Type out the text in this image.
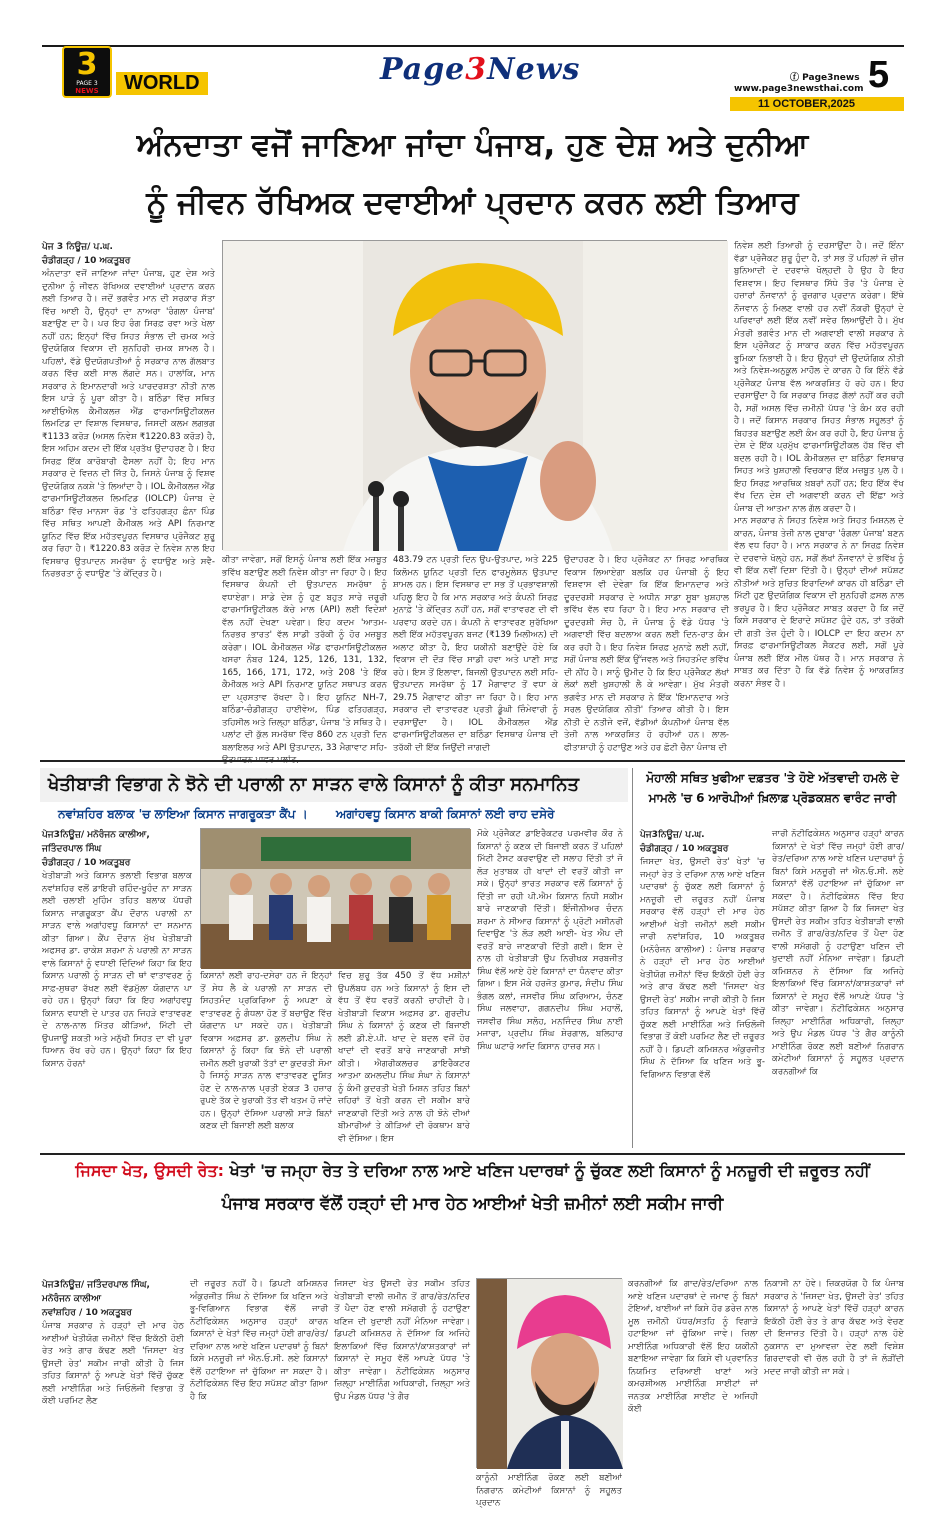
3
PAGE 3
NEWS	WORLD	Page3News	ⓕ Page3news
www.page3newsthai.com 5
11 OCTOBER,2025
ਅੰਨਦਾਤਾ ਵਜੋਂ ਜਾਣਿਆ ਜਾਂਦਾ ਪੰਜਾਬ, ਹੁਣ ਦੇਸ਼ ਅਤੇ ਦੁਨੀਆ
ਨੂੰ ਜੀਵਨ ਰੱਖਿਅਕ ਦਵਾਈਆਂ ਪ੍ਰਦਾਨ ਕਰਨ ਲਈ ਤਿਆਰ
ਪੇਜ 3 ਨਿਊਜ਼/ ਪ.ਘ.
ਚੰਡੀਗੜ੍ਹ / 10 ਅਕਤੂਬਰ
ਅੰਨਦਾਤਾ ਵਜੋਂ ਜਾਣਿਆ ਜਾਂਦਾ ਪੰਜਾਬ, ਹੁਣ ਦੇਸ਼ ਅਤੇ ਦੁਨੀਆ ਨੂੰ ਜੀਵਨ ਰੱਖਿਅਕ ਦਵਾਈਆਂ ਪ੍ਰਦਾਨ ਕਰਨ ਲਈ ਤਿਆਰ ਹੈ। ਜਦੋਂ ਭਗਵੰਤ ਮਾਨ ਦੀ ਸਰਕਾਰ ਸੱਤਾ ਵਿੱਚ ਆਈ ਹੈ, ਉਨ੍ਹਾਂ ਦਾ ਨਾਅਰਾ 'ਰੰਗਲਾ ਪੰਜਾਬ' ਬਣਾਉਣ ਦਾ ਹੈ। ਪਰ ਇਹ ਰੰਗ ਸਿਰਫ਼ ਰਵਾ ਅਤੇ ਖੇਲਾ ਨਹੀਂ ਹਨ; ਇਨ੍ਹਾਂ ਵਿੱਚ ਸਿਹਤ ਸੰਭਾਲ ਦੀ ਚਮਕ ਅਤੇ ਉਦਯੋਗਿਕ ਵਿਕਾਸ ਦੀ ਸੁਨਹਿਰੀ ਚਮਕ ਸ਼ਾਮਲ ਹੈ। ਪਹਿਲਾਂ, ਵੱਡੇ ਉਦਯੋਗਪਤੀਆਂ ਨੂੰ ਸਰਕਾਰ ਨਾਲ ਗੱਲਬਾਤ ਕਰਨ ਵਿੱਚ ਕਈ ਸਾਲ ਲੱਗਦੇ ਸਨ। ਹਾਲਾਂਕਿ, ਮਾਨ ਸਰਕਾਰ ਨੇ ਇਮਾਨਦਾਰੀ ਅਤੇ ਪਾਰਦਰਸ਼ਤਾ ਨੀਤੀ ਨਾਲ ਇਸ ਪਾੜੇ ਨੂੰ ਪੂਰਾ ਕੀਤਾ ਹੈ। ਬਠਿੰਡਾ ਵਿੱਚ ਸਥਿਤ ਆਈਓਐਲ ਕੈਮੀਕਲਜ਼ ਐਂਡ ਫਾਰਮਾਸਿਊਟੀਕਲਜ਼ ਲਿਮਟਿਡ ਦਾ ਵਿਸ਼ਾਲ ਵਿਸਥਾਰ, ਜਿਸਦੀ ਕਲਮ ਲਗਭਗ ₹1133 ਕਰੋੜ (ਅਸਲ ਨਿਵੇਸ਼ ₹1220.83 ਕਰੋੜ) ਹੈ, ਇਸ ਅਹਿਮ ਕਦਮ ਦੀ ਇੱਕ ਪ੍ਰਤੱਖ ਉਦਾਹਰਣ ਹੈ। ਇਹ ਸਿਰਫ਼ ਇੱਕ ਕਾਰੋਬਾਰੀ ਫੈਸਲਾ ਨਹੀਂ ਹੈ; ਇਹ ਮਾਨ ਸਰਕਾਰ ਦੇ ਵਿਜ਼ਨ ਦੀ ਜਿੱਤ ਹੈ, ਜਿਸਨੇ ਪੰਜਾਬ ਨੂੰ ਵਿਸ਼ਵ ਉਦਯੋਗਿਕ ਨਕਸ਼ੇ 'ਤੇ ਲਿਆਂਦਾ ਹੈ। IOL ਕੈਮੀਕਲਜ਼ ਐਂਡ ਫਾਰਮਾਸਿਊਟੀਕਲਜ਼ ਲਿਮਟਿਡ (IOLCP) ਪੰਜਾਬ ਦੇ ਬਠਿੰਡਾ ਵਿੱਚ ਮਾਨਸਾ ਰੋਡ 'ਤੇ ਫਤਿਹਗੜ੍ਹ ਛੰਨਾ ਪਿੰਡ ਵਿੱਚ ਸਥਿਤ ਆਪਣੀ ਕੈਮੀਕਲ ਅਤੇ API ਨਿਰਮਾਣ ਯੂਨਿਟ ਵਿੱਚ ਇੱਕ ਮਹੱਤਵਪੂਰਨ ਵਿਸਥਾਰ ਪ੍ਰੋਜੈਕਟ ਸ਼ੁਰੂ ਕਰ ਰਿਹਾ ਹੈ। ₹1220.83 ਕਰੋੜ ਦੇ ਨਿਵੇਸ਼ ਨਾਲ ਇਹ ਵਿਸਥਾਰ ਉਤਪਾਦਨ ਸਮਰੱਥਾ ਨੂੰ ਵਧਾਉਣ ਅਤੇ ਸਵੈ-ਨਿਰਭਰਤਾ ਨੂੰ ਵਧਾਉਣ 'ਤੇ ਕੇਂਦ੍ਰਿਤ ਹੈ।
ਕੀਤਾ ਜਾਵੇਗਾ, ਸਗੋਂ ਇਸਨੂੰ ਪੰਜਾਬ ਲਈ ਇੱਕ ਮਜ਼ਬੂਤ ਭਵਿੱਖ ਬਣਾਉਣ ਲਈ ਨਿਵੇਸ਼ ਕੀਤਾ ਜਾ ਰਿਹਾ ਹੈ। ਇਹ ਵਿਸਥਾਰ ਕੰਪਨੀ ਦੀ ਉਤਪਾਦਨ ਸਮਰੱਥਾ ਨੂੰ ਵਧਾਏਗਾ। ਸਾਡੇ ਦੇਸ਼ ਨੂੰ ਹੁਣ ਬਹੁਤ ਸਾਰੇ ਜ਼ਰੂਰੀ ਫਾਰਮਾਸਿਊਟੀਕਲ ਕੱਚੇ ਮਾਲ (API) ਲਈ ਵਿਦੇਸ਼ਾਂ ਵੱਲ ਨਹੀਂ ਦੇਖਣਾ ਪਵੇਗਾ। ਇਹ ਕਦਮ 'ਆਤਮ-ਨਿਰਭਰ ਭਾਰਤ' ਵੱਲ ਸਾਡੀ ਤਰੱਕੀ ਨੂੰ ਹੋਰ ਮਜ਼ਬੂਤ ਕਰੇਗਾ। IOL ਕੈਮੀਕਲਜ਼ ਐਂਡ ਫਾਰਮਾਸਿਊਟੀਕਲਜ਼ ਖਸਰਾ ਨੰਬਰ 124, 125, 126, 131, 132, 165, 166, 171, 172, ਅਤੇ 208 'ਤੇ ਇੱਕ ਕੈਮੀਕਲ ਅਤੇ API ਨਿਰਮਾਣ ਯੂਨਿਟ ਸਥਾਪਤ ਕਰਨ ਦਾ ਪ੍ਰਸਤਾਵ ਰੱਖਦਾ ਹੈ। ਇਹ ਯੂਨਿਟ NH-7, ਬਠਿੰਡਾ-ਚੰਡੀਗੜ੍ਹ ਹਾਈਵੇਅ, ਪਿੰਡ ਫਤਿਹਗੜ੍ਹ, ਤਹਿਸੀਲ ਅਤੇ ਜ਼ਿਲ੍ਹਾ ਬਠਿੰਡਾ, ਪੰਜਾਬ 'ਤੇ ਸਥਿਤ ਹੈ। ਪਲਾਂਟ ਦੀ ਕੁੱਲ ਸਮਰੱਥਾ ਵਿੱਚ 860 ਟਨ ਪ੍ਰਤੀ ਦਿਨ ਬਲਾਇਲਰ ਅਤੇ API ਉਤਪਾਦਨ, 33 ਮੈਗਾਵਾਟ ਸਹਿ-
483.79 ਟਨ ਪ੍ਰਤੀ ਦਿਨ ਉਪ-ਉਤਪਾਦ, ਅਤੇ 225 ਕਿਲੋਮਨ ਯੂਨਿਟ ਪ੍ਰਤੀ ਦਿਨ ਫਾਰਮੂਲੇਸ਼ਨ ਉਤਪਾਦ ਸ਼ਾਮਲ ਹਨ। ਇਸ ਵਿਸਥਾਰ ਦਾ ਸਭ ਤੋਂ ਪ੍ਰਭਾਵਸ਼ਾਲੀ ਪਹਿਲੂ ਇਹ ਹੈ ਕਿ ਮਾਨ ਸਰਕਾਰ ਅਤੇ ਕੰਪਨੀ ਸਿਰਫ਼ ਮੁਨਾਫ਼ੇ 'ਤੇ ਕੇਂਦ੍ਰਿਤ ਨਹੀਂ ਹਨ, ਸਗੋਂ ਵਾਤਾਵਰਣ ਦੀ ਵੀ ਪਰਵਾਹ ਕਰਦੇ ਹਨ। ਕੰਪਨੀ ਨੇ ਵਾਤਾਵਰਣ ਸੁਰੱਖਿਆ ਲਈ ਇੱਕ ਮਹੱਤਵਪੂਰਨ ਬਜਟ (₹139 ਮਿਲੀਅਨ) ਦੀ ਅਲਾਟ ਕੀਤਾ ਹੈ, ਇਹ ਯਕੀਨੀ ਬਣਾਉਂਦੇ ਹੋਏ ਕਿ ਵਿਕਾਸ ਦੀ ਦੌੜ ਵਿੱਚ ਸਾਡੀ ਹਵਾ ਅਤੇ ਪਾਣੀ ਸਾਫ਼ ਰਹੇ। ਇਸ ਤੋਂ ਇਲਾਵਾ, ਬਿਜਲੀ ਉਤਪਾਦਨ ਲਈ ਸਹਿ-ਉਤਪਾਦਨ ਸਮਰੱਥਾ ਨੂੰ 17 ਮੈਗਾਵਾਟ ਤੋਂ ਵਧਾ ਕੇ 29.75 ਮੈਗਾਵਾਟ ਕੀਤਾ ਜਾ ਰਿਹਾ ਹੈ। ਇਹ ਮਾਨ ਸਰਕਾਰ ਦੀ ਵਾਤਾਵਰਣ ਪ੍ਰਤੀ ਡੂੰਘੀ ਜ਼ਿੰਮੇਵਾਰੀ ਨੂੰ ਦਰਸਾਉਂਦਾ ਹੈ। IOL ਕੈਮੀਕਲਜ਼ ਐਂਡ ਫਾਰਮਾਸਿਊਟੀਕਲਜ਼ ਦਾ ਬਠਿੰਡਾ ਵਿਸਥਾਰ ਪੰਜਾਬ ਦੀ ਤਰੱਕੀ ਦੀ ਇੱਕ ਜਿਉਂਦੀ ਜਾਗਦੀ
ਉਦਾਹਰਣ ਹੈ। ਇਹ ਪ੍ਰੋਜੈਕਟ ਨਾ ਸਿਰਫ਼ ਆਰਥਿਕ ਵਿਕਾਸ ਲਿਆਏਗਾ ਬਲਕਿ ਹਰ ਪੰਜਾਬੀ ਨੂੰ ਇਹ ਵਿਸ਼ਵਾਸ ਵੀ ਦੇਵੇਗਾ ਕਿ ਇੱਕ ਇਮਾਨਦਾਰ ਅਤੇ ਦੂਰਦਰਸ਼ੀ ਸਰਕਾਰ ਦੇ ਅਧੀਨ ਸਾਡਾ ਸੂਬਾ ਖੁਸ਼ਹਾਲ ਭਵਿੱਖ ਵੱਲ ਵਧ ਰਿਹਾ ਹੈ। ਇਹ ਮਾਨ ਸਰਕਾਰ ਦੀ ਦੂਰਦਰਸ਼ੀ ਸੋਚ ਹੈ, ਜੋ ਪੰਜਾਬ ਨੂੰ ਵੱਡੇ ਪੱਧਰ 'ਤੇ ਅਗਵਾਈ ਵਿੱਚ ਬਦਲਾਅ ਕਰਨ ਲਈ ਦਿਨ-ਰਾਤ ਕੰਮ ਕਰ ਰਹੀ ਹੈ। ਇਹ ਨਿਵੇਸ਼ ਸਿਰਫ਼ ਮੁਨਾਫ਼ੇ ਲਈ ਨਹੀਂ, ਸਗੋਂ ਪੰਜਾਬ ਲਈ ਇੱਕ ਉੱਜਵਲ ਅਤੇ ਸਿਹਤਮੰਦ ਭਵਿੱਖ ਦੀ ਨੀਂਹ ਹੈ। ਸਾਨੂੰ ਉਮੀਦ ਹੈ ਕਿ ਇਹ ਪ੍ਰੋਜੈਕਟ ਲੱਖਾਂ ਲੋਕਾਂ ਲਈ ਖੁਸ਼ਹਾਲੀ ਲੈ ਕੇ ਆਵੇਗਾ। ਮੁੱਖ ਮੰਤਰੀ ਭਗਵੰਤ ਮਾਨ ਦੀ ਸਰਕਾਰ ਨੇ ਇੱਕ 'ਇਮਾਨਦਾਰ ਅਤੇ ਸਰਲ ਉਦਯੋਗਿਕ ਨੀਤੀ' ਤਿਆਰ ਕੀਤੀ ਹੈ। ਇਸ ਨੀਤੀ ਦੇ ਨਤੀਜੇ ਵਜੋਂ, ਵੱਡੀਆਂ ਕੰਪਨੀਆਂ ਪੰਜਾਬ ਵੱਲ ਤੇਜ਼ੀ ਨਾਲ ਆਕਰਸ਼ਿਤ ਹੋ ਰਹੀਆਂ ਹਨ। ਲਾਲ-ਫੀਤਾਸ਼ਾਹੀ ਨੂੰ ਹਟਾਉਣ ਅਤੇ ਹਰ ਛੋਟੀ ਚੈਨਾ ਪੰਜਾਬ ਦੀ
ਨਿਵੇਸ਼ ਲਈ ਤਿਆਰੀ ਨੂੰ ਦਰਸਾਉਂਦਾ ਹੈ। ਜਦੋਂ ਇੰਨਾ ਵੱਡਾ ਪ੍ਰੋਜੈਕਟ ਸ਼ੁਰੂ ਹੁੰਦਾ ਹੈ, ਤਾਂ ਸਭ ਤੋਂ ਪਹਿਲਾਂ ਜੋ ਚੀਜ਼ ਬੁਨਿਆਦੀ ਦੇ ਦਰਵਾਜ਼ੇ ਖੋਲ੍ਹਦੀ ਹੈ ਉਹ ਹੈ ਇਹ ਵਿਸ਼ਵਾਸ। ਇਹ ਵਿਸਥਾਰ ਸਿੱਧੇ ਤੌਰ 'ਤੇ ਪੰਜਾਬ ਦੇ ਹਜ਼ਾਰਾਂ ਨੌਜਵਾਨਾਂ ਨੂੰ ਰੁਜ਼ਗਾਰ ਪ੍ਰਦਾਨ ਕਰੇਗਾ। ਇੱਥੇ ਨੌਜਵਾਨ ਨੂੰ ਮਿਲਣ ਵਾਲੀ ਹਰ ਨਵੀਂ ਨੌਕਰੀ ਉਨ੍ਹਾਂ ਦੇ ਪਰਿਵਾਰਾਂ ਲਈ ਇੱਕ ਨਵੀਂ ਸਵੇਰ ਲਿਆਉਂਦੀ ਹੈ। ਮੁੱਖ ਮੰਤਰੀ ਭਗਵੰਤ ਮਾਨ ਦੀ ਅਗਵਾਈ ਵਾਲੀ ਸਰਕਾਰ ਨੇ ਇਸ ਪ੍ਰੋਜੈਕਟ ਨੂੰ ਸਾਕਾਰ ਕਰਨ ਵਿੱਚ ਮਹੱਤਵਪੂਰਨ ਭੂਮਿਕਾ ਨਿਭਾਈ ਹੈ। ਇਹ ਉਨ੍ਹਾਂ ਦੀ ਉਦਯੋਗਿਕ ਨੀਤੀ ਅਤੇ ਨਿਵੇਸ਼-ਅਨੁਕੂਲ ਮਾਹੌਲ ਦੇ ਕਾਰਨ ਹੈ ਕਿ ਇੰਨੇ ਵੱਡੇ ਪ੍ਰੋਜੈਕਟ ਪੰਜਾਬ ਵੱਲ ਆਕਰਸ਼ਿਤ ਹੋ ਰਹੇ ਹਨ। ਇਹ ਦਰਸਾਉਂਦਾ ਹੈ ਕਿ ਸਰਕਾਰ ਸਿਰਫ਼ ਗੱਲਾਂ ਨਹੀਂ ਕਰ ਰਹੀ ਹੈ, ਸਗੋਂ ਅਸਲ ਵਿੱਚ ਜ਼ਮੀਨੀ ਪੱਧਰ 'ਤੇ ਕੰਮ ਕਰ ਰਹੀ ਹੈ। ਜਦੋਂ ਕਿਸਾਨ ਸਰਕਾਰ ਸਿਹਤ ਸੰਭਾਲ ਸਹੂਲਤਾਂ ਨੂੰ ਬਿਹਤਰ ਬਣਾਉਣ ਲਈ ਕੰਮ ਕਰ ਰਹੀ ਹੈ, ਇਹ ਪੰਜਾਬ ਨੂੰ ਦੇਸ਼ ਦੇ ਇੱਕ ਪ੍ਰਮੁੱਖ ਫਾਰਮਾਸਿਊਟੀਕਲ ਹੱਬ ਵਿੱਚ ਵੀ ਬਦਲ ਰਹੀ ਹੈ। IOL ਕੈਮੀਕਲਜ਼ ਦਾ ਬਠਿੰਡਾ ਵਿਸਥਾਰ ਸਿਹਤ ਅਤੇ ਖੁਸ਼ਹਾਲੀ ਵਿਚਕਾਰ ਇੱਕ ਮਜ਼ਬੂਤ ਪੁਲ ਹੈ। ਇਹ ਸਿਰਫ਼ ਆਰਥਿਕ ਖ਼ਬਰਾਂ ਨਹੀਂ ਹਨ; ਇਹ ਇੱਕ ਵੱਖ ਵੱਖ ਦਿਨ ਦੇਸ਼ ਦੀ ਅਗਵਾਈ ਕਰਨ ਦੀ ਇੱਛਾ ਅਤੇ ਪੰਜਾਬ ਦੀ ਆਤਮਾ ਨਾਲ ਗੱਲ ਕਰਦਾ ਹੈ।
ਮਾਨ ਸਰਕਾਰ ਨੇ ਸਿਹਤ ਨਿਵੇਸ਼ ਅਤੇ ਸਿਹਤ ਮਿਸ਼ਨਲ ਦੇ ਕਾਰਨ, ਪੰਜਾਬ ਤੇਜ਼ੀ ਨਾਲ ਦੁਬਾਰਾ 'ਰੰਗਲਾ ਪੰਜਾਬ' ਬਣਨ ਵੱਲ ਵਧ ਰਿਹਾ ਹੈ। ਮਾਨ ਸਰਕਾਰ ਨੇ ਨਾ ਸਿਰਫ਼ ਨਿਵੇਸ਼ ਦੇ ਦਰਵਾਜ਼ੇ ਖੋਲ੍ਹੇ ਹਨ, ਸਗੋਂ ਲੱਖਾਂ ਨੌਜਵਾਨਾਂ ਦੇ ਭਵਿੱਖ ਨੂੰ ਵੀ ਇੱਕ ਨਵੀਂ ਦਿਸ਼ਾ ਦਿੱਤੀ ਹੈ। ਉਨ੍ਹਾਂ ਦੀਆਂ ਸਪੱਸ਼ਟ ਨੀਤੀਆਂ ਅਤੇ ਸੁਚਿਤ ਇਰਾਦਿਆਂ ਕਾਰਨ ਹੀ ਬਠਿੰਡਾ ਦੀ ਮਿੱਟੀ ਹੁਣ ਉਦਯੋਗਿਕ ਵਿਕਾਸ ਦੀ ਸੁਨਹਿਰੀ ਫ਼ਸਲ ਨਾਲ ਭਰਪੂਰ ਹੈ। ਇਹ ਪ੍ਰੋਜੈਕਟ ਸਾਬਤ ਕਰਦਾ ਹੈ ਕਿ ਜਦੋਂ ਕਿਸੇ ਸਰਕਾਰ ਦੇ ਇਰਾਦੇ ਸਪੱਸ਼ਟ ਹੁੰਦੇ ਹਨ, ਤਾਂ ਤਰੱਕੀ ਦੀ ਗਤੀ ਤੇਜ਼ ਹੁੰਦੀ ਹੈ। IOLCP ਦਾ ਇਹ ਕਦਮ ਨਾ ਸਿਰਫ਼ ਫਾਰਮਾਸਿਊਟੀਕਲ ਸੈਕਟਰ ਲਈ, ਸਗੋਂ ਪੂਰੇ ਪੰਜਾਬ ਲਈ ਇੱਕ ਮੀਲ ਪੱਥਰ ਹੈ। ਮਾਨ ਸਰਕਾਰ ਨੇ ਸਾਬਤ ਕਰ ਦਿੱਤਾ ਹੈ ਕਿ ਵੱਡੇ ਨਿਵੇਸ਼ ਨੂੰ ਆਕਰਸ਼ਿਤ ਕਰਨਾ ਸੰਭਵ ਹੈ।
ਖੇਤੀਬਾੜੀ ਵਿਭਾਗ ਨੇ ਝੋਨੇ ਦੀ ਪਰਾਲੀ ਨਾ ਸਾੜਨ ਵਾਲੇ ਕਿਸਾਨਾਂ ਨੂੰ ਕੀਤਾ ਸਨਮਾਨਿਤ
ਨਵਾਂਸ਼ਹਿਰ ਬਲਾਕ 'ਚ ਲਾਇਆ ਕਿਸਾਨ ਜਾਗਰੂਕਤਾ ਕੈਂਪ । ਅਗਾਂਹਵਧੂ ਕਿਸਾਨ ਬਾਕੀ ਕਿਸਾਨਾਂ ਲਈ ਰਾਹ ਦਸੇਰੇ
ਪੇਜ3ਨਿਊਜ਼/ ਮਨੋਰੰਜਨ ਕਾਲੀਆ,
ਜਤਿੰਦਰਪਾਲ ਸਿੰਘ
ਚੰਡੀਗੜ੍ਹ / 10 ਅਕਤੂਬਰ
ਖੇਤੀਬਾੜੀ ਅਤੇ ਕਿਸਾਨ ਭਲਾਈ ਵਿਭਾਗ ਬਲਾਕ ਨਵਾਂਸ਼ਹਿਰ ਵਲੋਂ ਡਾਇਰੀ ਰਹਿੰਦ-ਖੂਹੰਦ ਨਾ ਸਾੜਨ ਲਈ ਚਲਾਈ ਮੁਹਿੰਮ ਤਹਿਤ ਬਲਾਕ ਪੱਧਰੀ ਕਿਸਾਨ ਜਾਗਰੂਕਤਾ ਕੈਂਪ ਦੌਰਾਨ ਪਰਾਲੀ ਨਾ ਸਾੜਨ ਵਾਲੇ ਅਗਾਂਹਵਧੂ ਕਿਸਾਨਾਂ ਦਾ ਸਨਮਾਨ ਕੀਤਾ ਗਿਆ। ਕੈਂਪ ਦੌਰਾਨ ਮੁੱਖ ਖੇਤੀਬਾੜੀ ਅਫਸਰ ਡਾ. ਰਾਕੇਸ਼ ਸ਼ਰਮਾ ਨੇ ਪਰਾਲੀ ਨਾ ਸਾੜਨ ਵਾਲੇ ਕਿਸਾਨਾਂ ਨੂੰ ਵਧਾਈ ਦਿੰਦਿਆਂ ਕਿਹਾ ਕਿ ਇਹ ਕਿਸਾਨ ਪਰਾਲੀ ਨੂੰ ਸਾੜਨ ਦੀ ਥਾਂ ਵਾਤਾਵਰਣ ਨੂੰ ਸਾਫ਼-ਸੁਥਰਾ ਰੱਖਣ ਲਈ ਵੱਡਮੁੱਲਾ ਯੋਗਦਾਨ ਪਾ ਰਹੇ ਹਨ। ਉਨ੍ਹਾਂ ਕਿਹਾ ਕਿ ਇਹ ਅਗਾਂਹਵਧੂ ਕਿਸਾਨ ਵਧਾਈ ਦੇ ਪਾਤਰ ਹਨ ਜਿਹੜੇ ਵਾਤਾਵਰਣ ਦੇ ਨਾਲ-ਨਾਲ ਮਿੱਤਰ ਕੀੜਿਆਂ, ਮਿੱਟੀ ਦੀ ਉਪਜਾਊ ਸ਼ਕਤੀ ਅਤੇ ਮਨੁੱਖੀ ਸਿਹਤ ਦਾ ਵੀ ਪੂਰਾ ਧਿਆਨ ਰੱਖ ਰਹੇ ਹਨ। ਉਨ੍ਹਾਂ ਕਿਹਾ ਕਿ ਇਹ ਕਿਸਾਨ ਹੋਰਨਾਂ
ਕਿਸਾਨਾਂ ਲਈ ਰਾਹ-ਦਸੇਰਾ ਹਨ ਜੋ ਇਨ੍ਹਾਂ ਤੋਂ ਸੇਧ ਲੈ ਕੇ ਪਰਾਲੀ ਨਾ ਸਾੜਨ ਦੀ ਸਿਹਤਮੰਦ ਪ੍ਰਕਿਰਿਆ ਨੂੰ ਅਪਣਾ ਕੇ ਵਾਤਾਵਰਣ ਨੂੰ ਗੰਧਲਾ ਹੋਣ ਤੋਂ ਬਚਾਉਣ ਵਿੱਚ ਯੋਗਦਾਨ ਪਾ ਸਕਦੇ ਹਨ। ਖੇਤੀਬਾੜੀ ਵਿਕਾਸ ਅਫ਼ਸਰ ਡਾ. ਕੁਲਦੀਪ ਸਿੰਘ ਨੇ ਕਿਸਾਨਾਂ ਨੂੰ ਕਿਹਾ ਕਿ ਝੋਨੇ ਦੀ ਪਰਾਲੀ ਜ਼ਮੀਨ ਲਈ ਖੁਰਾਕੀ ਤੱਤਾਂ ਦਾ ਕੁਦਰਤੀ ਸੋਮਾ ਹੈ ਜਿਸਨੂੰ ਸਾੜਨ ਨਾਲ ਵਾਤਾਵਰਣ ਦੂਸ਼ਿਤ ਹੋਣ ਦੇ ਨਾਲ-ਨਾਲ ਪ੍ਰਤੀ ਏਕੜ 3 ਹਜ਼ਾਰ ਰੁਪਏ ਤੱਕ ਦੇ ਖੁਰਾਕੀ ਤੱਤ ਵੀ ਖਤਮ ਹੋ ਜਾਂਦੇ ਹਨ। ਉਨ੍ਹਾਂ ਦੱਸਿਆ ਪਰਾਲੀ ਸਾੜੇ ਬਿਨਾਂ ਕਣਕ ਦੀ ਬਿਜਾਈ ਲਈ ਬਲਾਕ
ਵਿਚ ਸ਼ੁਰੂ ਤੱਕ 450 ਤੋਂ ਵੱਧ ਮਸ਼ੀਨਾਂ ਉਪਲੱਬਧ ਹਨ ਅਤੇ ਕਿਸਾਨਾਂ ਨੂੰ ਇਸ ਦੀ ਵੱਧ ਤੋਂ ਵੱਧ ਵਰਤੋਂ ਕਰਨੀ ਚਾਹੀਦੀ ਹੈ। ਖੇਤੀਬਾੜੀ ਵਿਕਾਸ ਅਫ਼ਸਰ ਡਾ. ਗੁਰਦੀਪ ਸਿੰਘ ਨੇ ਕਿਸਾਨਾਂ ਨੂੰ ਕਣਕ ਦੀ ਬਿਜਾਈ ਲਈ ਡੀ.ਏ.ਪੀ. ਖਾਦ ਦੇ ਬਦਲ ਵਜੋਂ ਹੋਰ ਖਾਦਾਂ ਦੀ ਵਰਤੋਂ ਬਾਰੇ ਜਾਣਕਾਰੀ ਸਾਂਝੀ ਕੀਤੀ। ਐਗਰੀਕਲਚਰ ਡਾਇਰੈਕਟਰ ਆਤਮਾ ਕਮਲਦੀਪ ਸਿੰਘ ਸੰਘਾ ਨੇ ਕਿਸਾਨਾਂ ਨੂੰ ਕੰਮੀ ਕੁਦਰਤੀ ਖੇਤੀ ਮਿਸ਼ਨ ਤਹਿਤ ਬਿਨਾਂ ਜ਼ਹਿਰਾਂ ਤੋਂ ਖੇਤੀ ਕਰਨ ਦੀ ਸਕੀਮ ਬਾਰੇ ਜਾਣਕਾਰੀ ਦਿੱਤੀ ਅਤੇ ਨਾਲ ਹੀ ਝੋਨੇ ਦੀਆਂ ਬੀਮਾਰੀਆਂ ਤੇ ਕੀੜਿਆਂ ਦੀ ਰੋਕਥਾਮ ਬਾਰੇ ਵੀ ਦੱਸਿਆ। ਇਸ
ਮੌਕੇ ਪ੍ਰੋਜੈਕਟ ਡਾਇਰੈਕਟਰ ਪਰਮਵੀਰ ਕੌਰ ਨੇ ਕਿਸਾਨਾਂ ਨੂੰ ਕਣਕ ਦੀ ਬਿਜਾਈ ਕਰਨ ਤੋਂ ਪਹਿਲਾਂ ਮਿੱਟੀ ਟੈਸਟ ਕਰਵਾਉਣ ਦੀ ਸਲਾਹ ਦਿੱਤੀ ਤਾਂ ਜੋ ਲੋੜ ਮੁਤਾਬਕ ਹੀ ਖਾਦਾਂ ਦੀ ਵਰਤੋਂ ਕੀਤੀ ਜਾ ਸਕੇ। ਉਨ੍ਹਾਂ ਭਾਰਤ ਸਰਕਾਰ ਵਲੋਂ ਕਿਸਾਨਾਂ ਨੂੰ ਦਿੱਤੀ ਜਾ ਰਹੀ ਪੀ.ਐਮ ਕਿਸਾਨ ਨਿਧੀ ਸਕੀਮ ਬਾਰੇ ਜਾਣਕਾਰੀ ਦਿੱਤੀ। ਇੰਜੀਨੀਅਰ ਚੰਦਨ ਸ਼ਰਮਾ ਨੇ ਸੀਆਰ ਕਿਸਾਨਾਂ ਨੂੰ ਪ੍ਰੋਟੀ ਮਸ਼ੀਨਰੀ ਦਿਵਾਉਣ 'ਤੇ ਲੋੜ ਲਈ ਆਈ- ਖੇਤ ਐਪ ਦੀ ਵਰਤੋਂ ਬਾਰੇ ਜਾਣਕਾਰੀ ਦਿੱਤੀ ਗਈ। ਇਸ ਦੇ ਨਾਲ ਹੀ ਖੇਤੀਬਾੜੀ ਉਪ ਨਿਰੀਖਕ ਸਰਬਜੀਤ ਸਿੰਘ ਵੱਲੋਂ ਆਏ ਹੋਏ ਕਿਸਾਨਾਂ ਦਾ ਧੰਨਵਾਦ ਕੀਤਾ ਗਿਆ। ਇਸ ਮੌਕੇ ਹਰਜੋਤ ਕੁਮਾਰ, ਸੰਦੀਪ ਸਿੰਘ ਭੰਗਲ ਕਲਾਂ, ਜਸਵੀਰ ਸਿੰਘ ਕਰਿਆਮ, ਚੰਨਣ ਸਿੰਘ ਜਲਵਾਹਾ, ਗਗਨਦੀਪ ਸਿੰਘ ਮਹਾਲੋਂ, ਜਸਵੀਰ ਸਿੰਘ ਸਲੋਹ, ਮਨਜਿੰਦਰ ਸਿੰਘ ਨਾਈ ਮਜਾਰਾ, ਪ੍ਰਦੀਪ ਸਿੰਘ ਸ਼ੇਰਗਾਲ, ਬਲਿਹਾਰ ਸਿੰਘ ਘਟਾਰੋ ਆਦਿ ਕਿਸਾਨ ਹਾਜ਼ਰ ਸਨ।
ਮੋਹਾਲੀ ਸਥਿਤ ਖੁਫੀਆ ਦਫ਼ਤਰ 'ਤੇ ਹੋਏ ਅੱਤਵਾਦੀ ਹਮਲੇ ਦੇ
ਮਾਮਲੇ 'ਚ 6 ਆਰੋਪੀਆਂ ਖ਼ਿਲਾਫ਼ ਪ੍ਰੋਡਕਸ਼ਨ ਵਾਰੰਟ ਜਾਰੀ
ਪੇਜ3ਨਿਊਜ਼/ ਪ.ਘ.
ਚੰਡੀਗੜ੍ਹ / 10 ਅਕਤੂਬਰ
ਜਿਸਦਾ ਖੇਤ, ਉਸਦੀ ਰੇਤ' ਖੇਤਾਂ 'ਚ ਜਮ੍ਹਾਂ ਰੇਤ ਤੇ ਦਰਿਆ ਨਾਲ ਆਏ ਖਣਿਜ ਪਦਾਰਥਾਂ ਨੂੰ ਚੁੱਕਣ ਲਈ ਕਿਸਾਨਾਂ ਨੂੰ ਮਨਜ਼ੂਰੀ ਦੀ ਜ਼ਰੂਰਤ ਨਹੀਂ ਪੰਜਾਬ ਸਰਕਾਰ ਵੱਲੋਂ ਹੜ੍ਹਾਂ ਦੀ ਮਾਰ ਹੇਠ ਆਈਆਂ ਖੇਤੀ ਜ਼ਮੀਨਾਂ ਲਈ ਸਕੀਮ ਜਾਰੀ ਨਵਾਂਸ਼ਹਿਰ, 10 ਅਕਤੂਬਰ (ਮਨੋਰੰਜਨ ਕਾਲੀਆ) : ਪੰਜਾਬ ਸਰਕਾਰ ਨੇ ਹੜ੍ਹਾਂ ਦੀ ਮਾਰ ਹੇਠ ਆਈਆਂ ਖੇਤੀਯੋਗ ਜ਼ਮੀਨਾਂ ਵਿੱਚ ਇਕੱਠੀ ਹੋਈ ਰੇਤ ਅਤੇ ਗਾਰ ਕੱਢਣ ਲਈ 'ਜਿਸਦਾ ਖੇਤ ਉਸਦੀ ਰੇਤ' ਸਕੀਮ ਜਾਰੀ ਕੀਤੀ ਹੈ ਜਿਸ ਤਹਿਤ ਕਿਸਾਨਾਂ ਨੂੰ ਆਪਣੇ ਖੇਤਾਂ ਵਿੱਚੋਂ ਚੁੱਕਣ ਲਈ ਮਾਈਨਿੰਗ ਅਤੇ ਜਿਓਲੋਜੀ ਵਿਭਾਗ ਤੋਂ ਕੋਈ ਪਰਮਿਟ ਲੈਣ ਦੀ ਜ਼ਰੂਰਤ ਨਹੀਂ ਹੈ। ਡਿਪਟੀ ਕਮਿਸ਼ਨਰ ਅੰਕੁਰਜੀਤ ਸਿੰਘ ਨੇ ਦੱਸਿਆ ਕਿ ਖਣਿਜ ਅਤੇ ਭੂ-ਵਿਗਿਆਨ ਵਿਭਾਗ ਵੱਲੋਂ
ਜਾਰੀ ਨੋਟੀਫਿਕੇਸ਼ਨ ਅਨੁਸਾਰ ਹੜ੍ਹਾਂ ਕਾਰਨ ਕਿਸਾਨਾਂ ਦੇ ਖੇਤਾਂ ਵਿੱਚ ਜਮ੍ਹਾਂ ਹੋਈ ਗਾਰ/ਰੇਤ/ਦਰਿਆ ਨਾਲ ਆਏ ਖਣਿਜ ਪਦਾਰਥਾਂ ਨੂੰ ਬਿਨਾਂ ਕਿਸੇ ਮਨਜ਼ੂਰੀ ਜਾਂ ਐਨ.ਓ.ਸੀ. ਲਏ ਕਿਸਾਨਾਂ ਵੱਲੋਂ ਹਟਾਇਆ ਜਾਂ ਚੁੱਕਿਆ ਜਾ ਸਕਦਾ ਹੈ। ਨੋਟੀਫਿਕੇਸ਼ਨ ਵਿੱਚ ਇਹ ਸਪੱਸ਼ਟ ਕੀਤਾ ਗਿਆ ਹੈ ਕਿ ਜਿਸਦਾ ਖੇਤ ਉਸਦੀ ਰੇਤ ਸਕੀਮ ਤਹਿਤ ਖੇਤੀਬਾੜੀ ਵਾਲੀ ਜ਼ਮੀਨ ਤੋਂ ਗਾਰ/ਰੇਤ/ਨਦਿਰ ਤੋਂ ਪੈਦਾ ਹੋਣ ਵਾਲੀ ਸਮੱਗਰੀ ਨੂੰ ਹਟਾਉਣਾ ਖਣਿਜ ਦੀ ਖੁਦਾਈ ਨਹੀਂ ਮੰਨਿਆ ਜਾਵੇਗਾ। ਡਿਪਟੀ ਕਮਿਸ਼ਨਰ ਨੇ ਦੱਸਿਆ ਕਿ ਅਜਿਹੇ ਇਲਾਕਿਆਂ ਵਿੱਚ ਕਿਸਾਨਾਂ/ਕਾਸ਼ਤਕਾਰਾਂ ਜਾਂ ਕਿਸਾਨਾਂ ਦੇ ਸਮੂਹ ਵੱਲੋਂ ਆਪਣੇ ਪੱਧਰ 'ਤੇ ਕੀਤਾ ਜਾਵੇਗਾ। ਨੋਟੀਫਿਕੇਸ਼ਨ ਅਨੁਸਾਰ ਜ਼ਿਲ੍ਹਾ ਮਾਈਨਿੰਗ ਅਧਿਕਾਰੀ, ਜ਼ਿਲ੍ਹਾ ਅਤੇ ਉਪ ਮੰਡਲ ਪੱਧਰ 'ਤੇ ਗੈਰ ਕਾਨੂੰਨੀ ਮਾਈਨਿੰਗ ਰੋਕਣ ਲਈ ਬਣੀਆਂ ਨਿਗਰਾਨ ਕਮੇਟੀਆਂ ਕਿਸਾਨਾਂ ਨੂੰ ਸਹੂਲਤ ਪ੍ਰਦਾਨ ਕਰਨਗੀਆਂ ਕਿ
ਜਿਸਦਾ ਖੇਤ, ਉਸਦੀ ਰੇਤ: ਖੇਤਾਂ 'ਚ ਜਮ੍ਹਾ ਰੇਤ ਤੇ ਦਰਿਆ ਨਾਲ ਆਏ ਖਣਿਜ ਪਦਾਰਥਾਂ ਨੂੰ ਚੁੱਕਣ ਲਈ ਕਿਸਾਨਾਂ ਨੂੰ ਮਨਜ਼ੂਰੀ ਦੀ ਜ਼ਰੂਰਤ ਨਹੀਂ
ਪੰਜਾਬ ਸਰਕਾਰ ਵੱਲੋਂ ਹੜ੍ਹਾਂ ਦੀ ਮਾਰ ਹੇਠ ਆਈਆਂ ਖੇਤੀ ਜ਼ਮੀਨਾਂ ਲਈ ਸਕੀਮ ਜਾਰੀ
ਪੇਜ3ਨਿਊਜ਼/ ਜਤਿੰਦਰਪਾਲ ਸਿੰਘ,
ਮਨੋਰੰਜਨ ਕਾਲੀਆ
ਨਵਾਂਸ਼ਹਿਰ / 10 ਅਕਤੂਬਰ
ਪੰਜਾਬ ਸਰਕਾਰ ਨੇ ਹੜ੍ਹਾਂ ਦੀ ਮਾਰ ਹੇਠ ਆਈਆਂ ਖੇਤੀਯੋਗ ਜ਼ਮੀਨਾਂ ਵਿੱਚ ਇਕੱਠੀ ਹੋਈ ਰੇਤ ਅਤੇ ਗਾਰ ਕੱਢਣ ਲਈ 'ਜਿਸਦਾ ਖੇਤ ਉਸਦੀ ਰੇਤ' ਸਕੀਮ ਜਾਰੀ ਕੀਤੀ ਹੈ ਜਿਸ ਤਹਿਤ ਕਿਸਾਨਾਂ ਨੂੰ ਆਪਣੇ ਖੇਤਾਂ ਵਿੱਚੋਂ ਚੁੱਕਣ ਲਈ ਮਾਈਨਿੰਗ ਅਤੇ ਜਿਓਲੋਜੀ ਵਿਭਾਗ ਤੋਂ ਕੋਈ ਪਰਮਿਟ ਲੈਣ
ਦੀ ਜ਼ਰੂਰਤ ਨਹੀਂ ਹੈ। ਡਿਪਟੀ ਕਮਿਸ਼ਨਰ ਅੰਕੁਰਜੀਤ ਸਿੰਘ ਨੇ ਦੱਸਿਆ ਕਿ ਖਣਿਜ ਅਤੇ ਭੂ-ਵਿਗਿਆਨ ਵਿਭਾਗ ਵੱਲੋਂ ਜਾਰੀ ਨੋਟੀਫਿਕੇਸ਼ਨ ਅਨੁਸਾਰ ਹੜ੍ਹਾਂ ਕਾਰਨ ਕਿਸਾਨਾਂ ਦੇ ਖੇਤਾਂ ਵਿੱਚ ਜਮ੍ਹਾਂ ਹੋਈ ਗਾਰ/ਰੇਤ/ਦਰਿਆ ਨਾਲ ਆਏ ਖਣਿਜ ਪਦਾਰਥਾਂ ਨੂੰ ਬਿਨਾਂ ਕਿਸੇ ਮਨਜ਼ੂਰੀ ਜਾਂ ਐਨ.ਓ.ਸੀ. ਲਏ ਕਿਸਾਨਾਂ ਵੱਲੋਂ ਹਟਾਇਆ ਜਾਂ ਚੁੱਕਿਆ ਜਾ ਸਕਦਾ ਹੈ। ਨੋਟੀਫਿਕੇਸ਼ਨ ਵਿੱਚ ਇਹ ਸਪੱਸ਼ਟ ਕੀਤਾ ਗਿਆ ਹੈ ਕਿ
ਜਿਸਦਾ ਖੇਤ ਉਸਦੀ ਰੇਤ ਸਕੀਮ ਤਹਿਤ ਖੇਤੀਬਾੜੀ ਵਾਲੀ ਜ਼ਮੀਨ ਤੋਂ ਗਾਰ/ਰੇਤ/ਨਦਿਰ ਤੋਂ ਪੈਦਾ ਹੋਣ ਵਾਲੀ ਸਮੱਗਰੀ ਨੂੰ ਹਟਾਉਣਾ ਖਣਿਜ ਦੀ ਖੁਦਾਈ ਨਹੀਂ ਮੰਨਿਆ ਜਾਵੇਗਾ। ਡਿਪਟੀ ਕਮਿਸ਼ਨਰ ਨੇ ਦੱਸਿਆ ਕਿ ਅਜਿਹੇ ਇਲਾਕਿਆਂ ਵਿੱਚ ਕਿਸਾਨਾਂ/ਕਾਸ਼ਤਕਾਰਾਂ ਜਾਂ ਕਿਸਾਨਾਂ ਦੇ ਸਮੂਹ ਵੱਲੋਂ ਆਪਣੇ ਪੱਧਰ 'ਤੇ ਕੀਤਾ ਜਾਵੇਗਾ। ਨੋਟੀਫਿਕੇਸ਼ਨ ਅਨੁਸਾਰ ਜ਼ਿਲ੍ਹਾ ਮਾਈਨਿੰਗ ਅਧਿਕਾਰੀ, ਜ਼ਿਲ੍ਹਾ ਅਤੇ ਉਪ ਮੰਡਲ ਪੱਧਰ 'ਤੇ ਗੈਰ
ਕਾਨੂੰਨੀ ਮਾਈਨਿੰਗ ਰੋਕਣ ਲਈ ਬਣੀਆਂ ਨਿਗਰਾਨ ਕਮੇਟੀਆਂ ਕਿਸਾਨਾਂ ਨੂੰ ਸਹੂਲਤ ਪ੍ਰਦਾਨ
ਕਰਨਗੀਆਂ ਕਿ ਗਾਦ/ਰੇਤ/ਦਰਿਆ ਨਾਲ ਆਏ ਖਣਿਜ ਪਦਾਰਥਾਂ ਦੇ ਜਮਾਵ ਨੂੰ ਬਿਨਾਂ ਟੋਇਆਂ, ਖਾਈਆਂ ਜਾਂ ਕਿਸੇ ਹੋਰ ਡਰੇਜ਼ ਨਾਲ ਮੂਲ ਜ਼ਮੀਨੀ ਪੱਧਰ/ਸਤਹਿ ਨੂੰ ਵਿਗਾੜੇ ਹਟਾਇਆ ਜਾਂ ਚੁੱਕਿਆ ਜਾਵੇ। ਜ਼ਿਲਾ ਮਾਈਨਿੰਗ ਅਧਿਕਾਰੀ ਵੱਲੋਂ ਇਹ ਯਕੀਨੀ ਬਣਾਇਆ ਜਾਵੇਗਾ ਕਿ ਕਿਸੇ ਵੀ ਪ੍ਰਵਾਨਿਤ ਨਿਯਮਿਤ ਦਰਿਆਈ ਖਾਣਾਂ ਅਤੇ ਕਮਰਸ਼ੀਅਲ ਮਾਈਨਿੰਗ ਸਾਈਟਾਂ ਜਾਂ ਜਨਤਕ ਮਾਈਨਿੰਗ ਸਾਈਟ ਦੇ ਅਜਿਹੀ ਕੋਈ
ਨਿਕਾਸੀ ਨਾ ਹੋਵੇ। ਜ਼ਿਕਰਯੋਗ ਹੈ ਕਿ ਪੰਜਾਬ ਸਰਕਾਰ ਨੇ 'ਜਿਸਦਾ ਖੇਤ, ਉਸਦੀ ਰੇਤ' ਤਹਿਤ ਕਿਸਾਨਾਂ ਨੂੰ ਆਪਣੇ ਖੇਤਾਂ ਵਿੱਚੋਂ ਹੜ੍ਹਾਂ ਕਾਰਨ ਇਕੱਠੀ ਹੋਈ ਰੇਤ ਤੇ ਗਾਰ ਕੱਢਣ ਅਤੇ ਵੇਚਣ ਦੀ ਇਜਾਜ਼ਤ ਦਿੱਤੀ ਹੈ। ਹੜ੍ਹਾਂ ਨਾਲ ਹੋਏ ਨੁਕਸਾਨ ਦਾ ਮੁਆਵਜ਼ਾ ਦੇਣ ਲਈ ਵਿਸ਼ੇਸ਼ ਗਿਰਦਾਵਰੀ ਵੀ ਚੱਲ ਰਹੀ ਹੈ ਤਾਂ ਜੋ ਲੋੜੀਂਦੀ ਮਦਦ ਜਾਰੀ ਕੀਤੀ ਜਾ ਸਕੇ।
